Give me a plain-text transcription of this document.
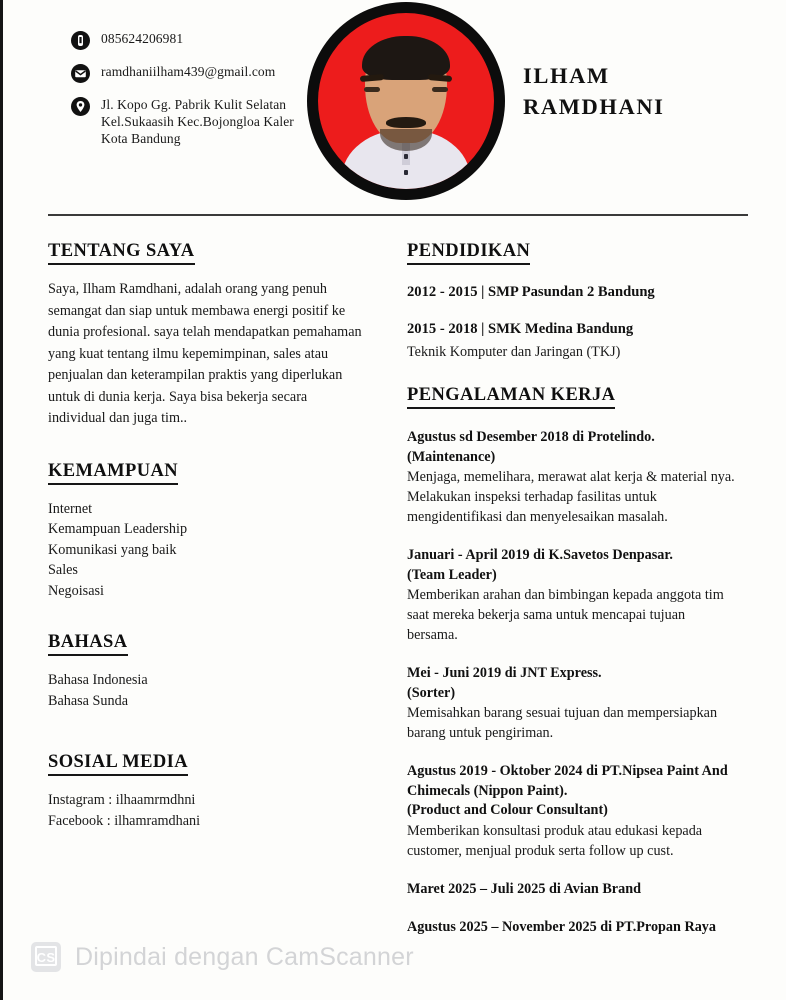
085624206981
ramdhaniilham439@gmail.com
Jl. Kopo Gg. Pabrik Kulit Selatan Kel.Sukaasih Kec.Bojongloa Kaler Kota Bandung
ILHAM
RAMDHANI
TENTANG SAYA
Saya, Ilham Ramdhani, adalah orang yang penuh semangat dan siap untuk membawa energi positif ke dunia profesional. saya telah mendapatkan pemahaman yang kuat tentang ilmu kepemimpinan, sales atau penjualan dan keterampilan praktis yang diperlukan untuk di dunia kerja. Saya bisa bekerja secara individual dan juga tim..
KEMAMPUAN
Internet
Kemampuan Leadership
Komunikasi yang baik
Sales
Negoisasi
BAHASA
Bahasa Indonesia
Bahasa Sunda
SOSIAL MEDIA
Instagram : ilhaamrmdhni
Facebook : ilhamramdhani
PENDIDIKAN
2012 - 2015 | SMP Pasundan 2 Bandung
2015 - 2018 | SMK Medina Bandung
Teknik Komputer dan Jaringan (TKJ)
PENGALAMAN KERJA
Agustus sd Desember 2018 di Protelindo.
(Maintenance)
Menjaga, memelihara, merawat alat kerja & material nya. Melakukan inspeksi terhadap fasilitas untuk mengidentifikasi dan menyelesaikan masalah.
Januari - April 2019 di K.Savetos Denpasar.
(Team Leader)
Memberikan arahan dan bimbingan kepada anggota tim saat mereka bekerja sama untuk mencapai tujuan bersama.
Mei - Juni 2019 di JNT Express.
(Sorter)
Memisahkan barang sesuai tujuan dan mempersiapkan barang untuk pengiriman.
Agustus 2019 - Oktober 2024 di PT.Nipsea Paint And Chimecals (Nippon Paint).
(Product and Colour Consultant)
Memberikan konsultasi produk atau edukasi kepada customer, menjual produk serta follow up cust.
Maret 2025 – Juli 2025 di Avian Brand
Agustus 2025 – November 2025 di PT.Propan Raya
CS Dipindai dengan CamScanner
